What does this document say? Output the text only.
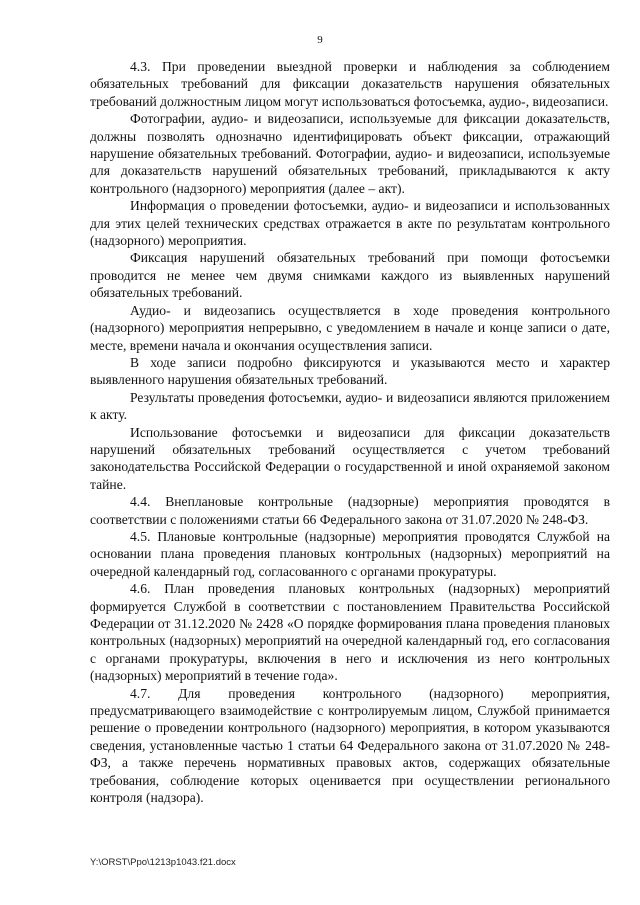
9

4.3. При проведении выездной проверки и наблюдения за соблюдением обязательных требований для фиксации доказательств нарушения обязательных требований должностным лицом могут использоваться фотосъемка, аудио-, видеозаписи.

Фотографии, аудио- и видеозаписи, используемые для фиксации доказательств, должны позволять однозначно идентифицировать объект фиксации, отражающий нарушение обязательных требований. Фотографии, аудио- и видеозаписи, используемые для доказательств нарушений обязательных требований, прикладываются к акту контрольного (надзорного) мероприятия (далее – акт).

Информация о проведении фотосъемки, аудио- и видеозаписи и использованных для этих целей технических средствах отражается в акте по результатам контрольного (надзорного) мероприятия.

Фиксация нарушений обязательных требований при помощи фотосъемки проводится не менее чем двумя снимками каждого из выявленных нарушений обязательных требований.

Аудио- и видеозапись осуществляется в ходе проведения контрольного (надзорного) мероприятия непрерывно, с уведомлением в начале и конце записи о дате, месте, времени начала и окончания осуществления записи.

В ходе записи подробно фиксируются и указываются место и характер выявленного нарушения обязательных требований.

Результаты проведения фотосъемки, аудио- и видеозаписи являются приложением к акту.

Использование фотосъемки и видеозаписи для фиксации доказательств нарушений обязательных требований осуществляется с учетом требований законодательства Российской Федерации о государственной и иной охраняемой законом тайне.

4.4. Внеплановые контрольные (надзорные) мероприятия проводятся в соответствии с положениями статьи 66 Федерального закона от 31.07.2020 № 248-ФЗ.

4.5. Плановые контрольные (надзорные) мероприятия проводятся Службой на основании плана проведения плановых контрольных (надзорных) мероприятий на очередной календарный год, согласованного с органами прокуратуры.

4.6. План проведения плановых контрольных (надзорных) мероприятий формируется Службой в соответствии с постановлением Правительства Российской Федерации от 31.12.2020 № 2428 «О порядке формирования плана проведения плановых контрольных (надзорных) мероприятий на очередной календарный год, его согласования с органами прокуратуры, включения в него и исключения из него контрольных (надзорных) мероприятий в течение года».

4.7. Для проведения контрольного (надзорного) мероприятия, предусматривающего взаимодействие с контролируемым лицом, Службой принимается решение о проведении контрольного (надзорного) мероприятия, в котором указываются сведения, установленные частью 1 статьи 64 Федерального закона от 31.07.2020 № 248-ФЗ, а также перечень нормативных правовых актов, содержащих обязательные требования, соблюдение которых оценивается при осуществлении регионального контроля (надзора).

Y:\ORST\Ppo\1213p1043.f21.docx
